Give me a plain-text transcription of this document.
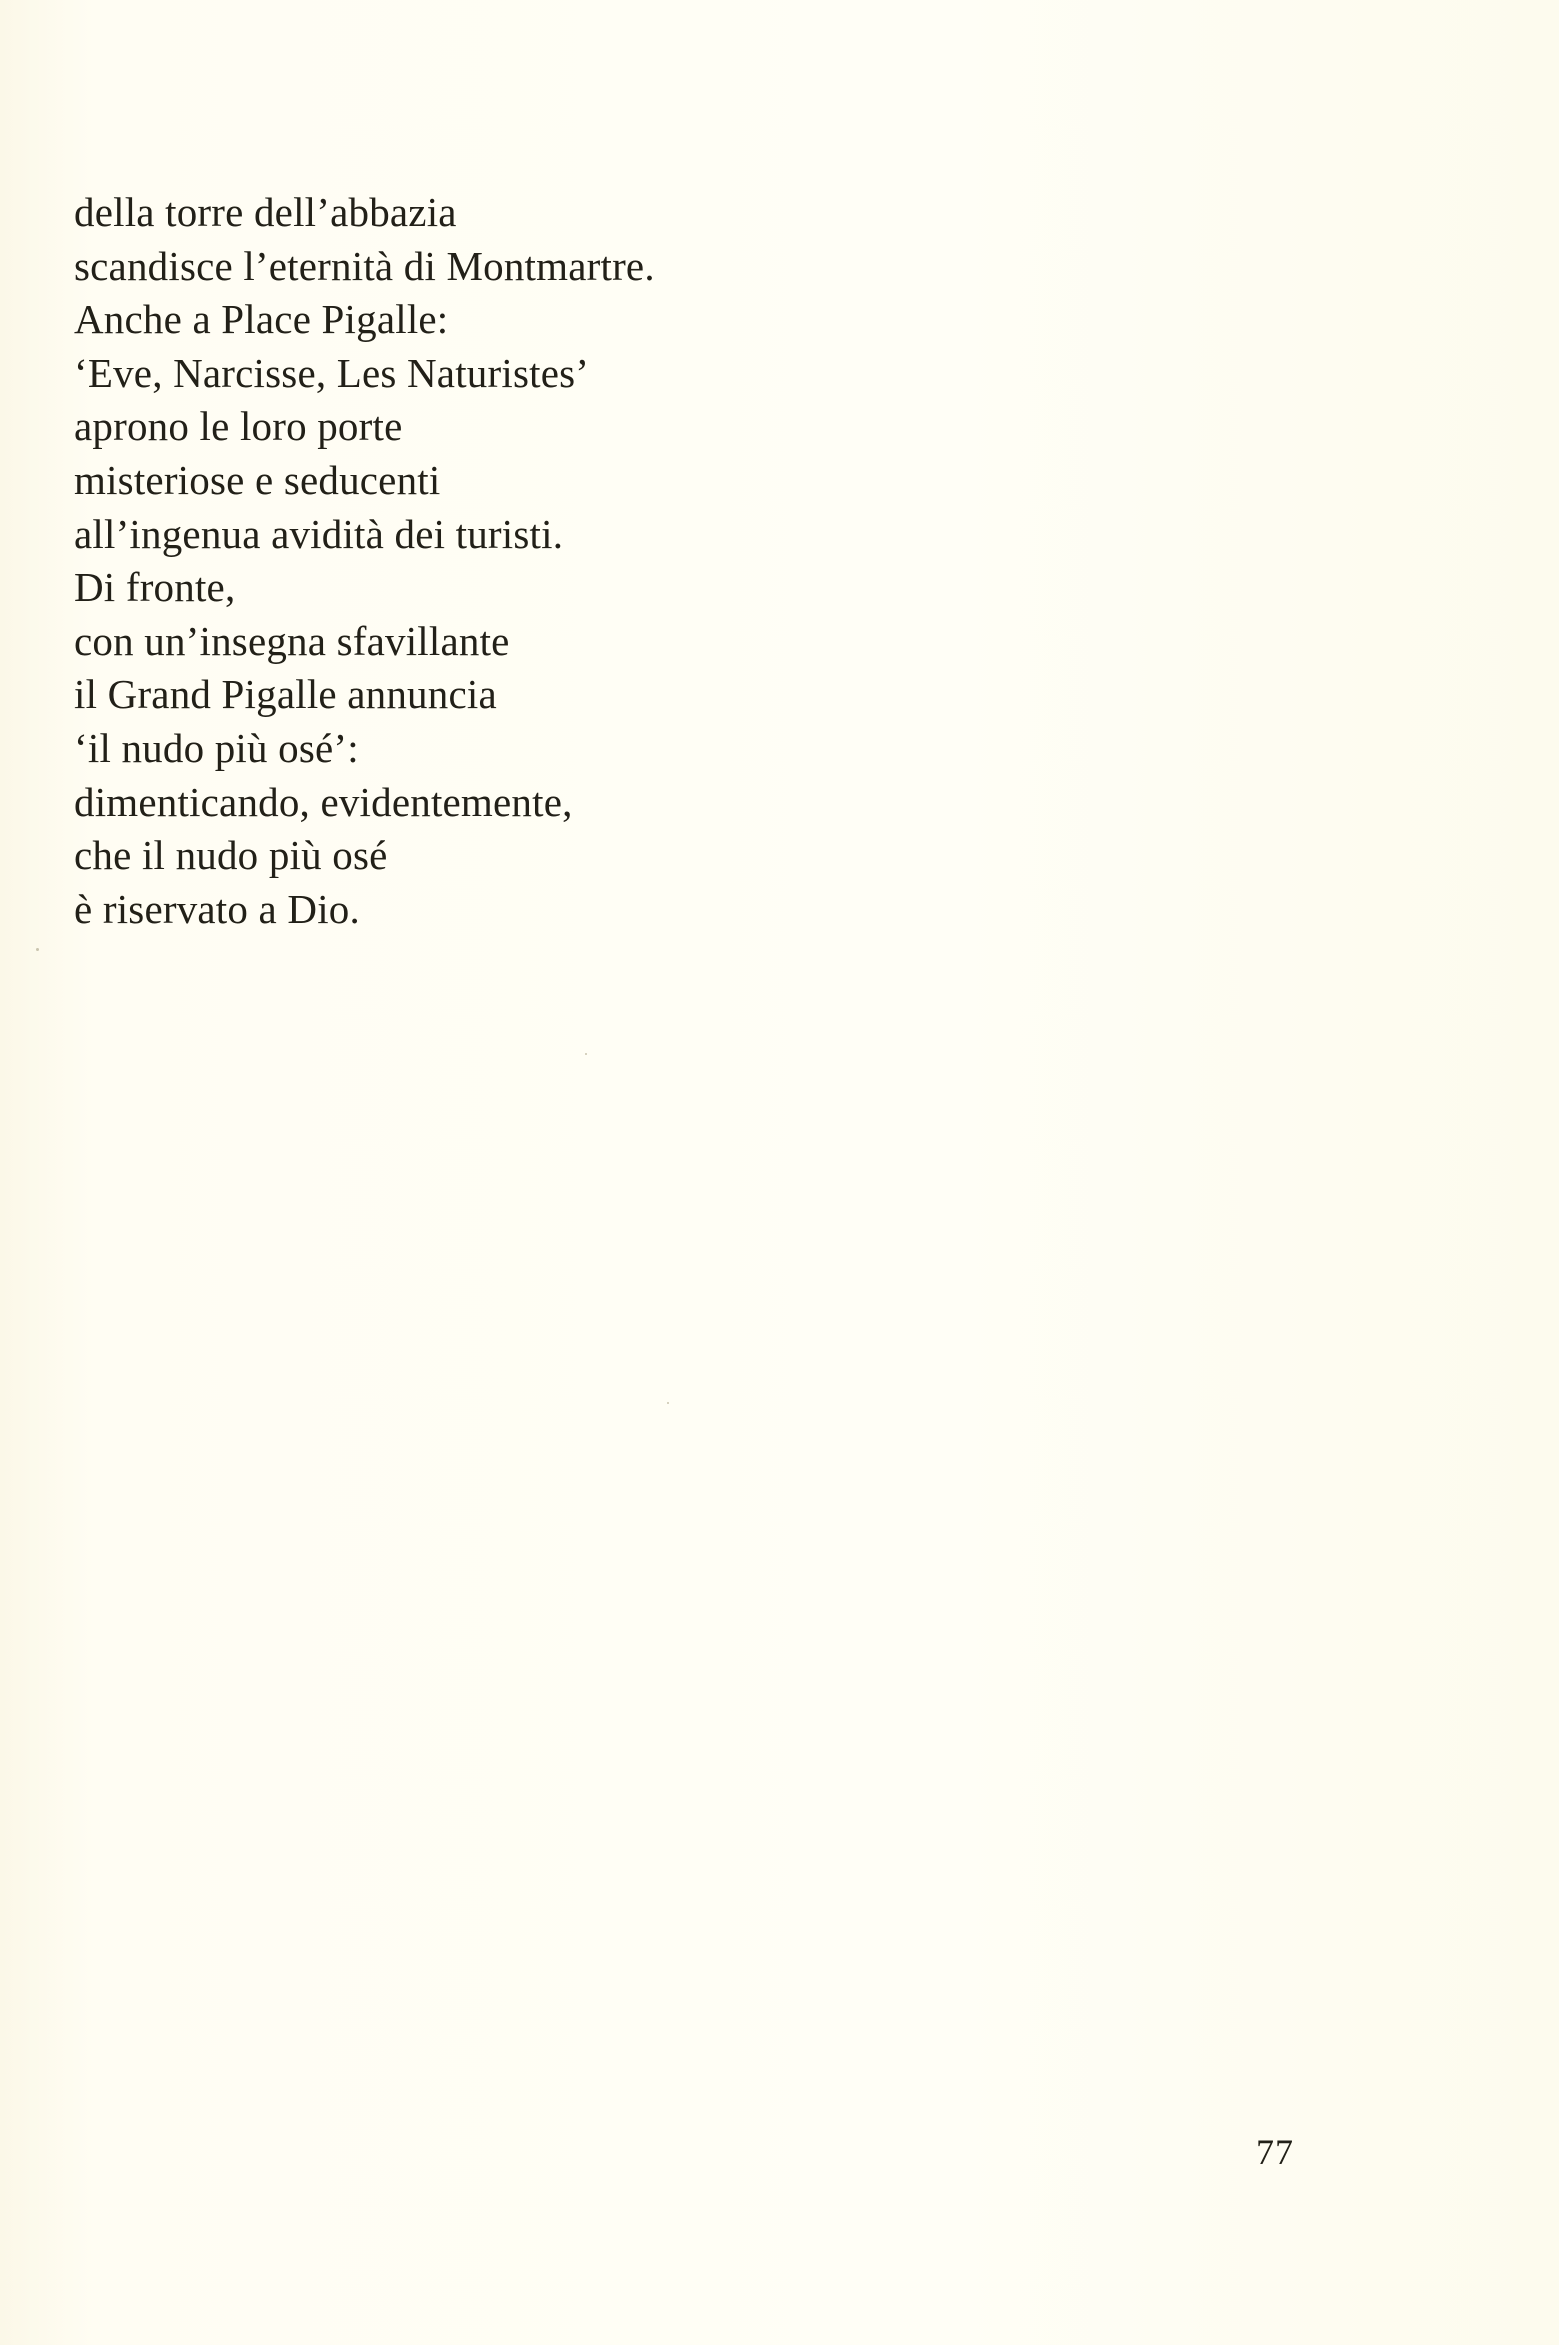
della torre dell’abbazia
scandisce l’eternità di Montmartre.
Anche a Place Pigalle:
‘Eve, Narcisse, Les Naturistes’
aprono le loro porte
misteriose e seducenti
all’ingenua avidità dei turisti.
Di fronte,
con un’insegna sfavillante
il Grand Pigalle annuncia
‘il nudo più osé’:
dimenticando, evidentemente,
che il nudo più osé
è riservato a Dio.
77
